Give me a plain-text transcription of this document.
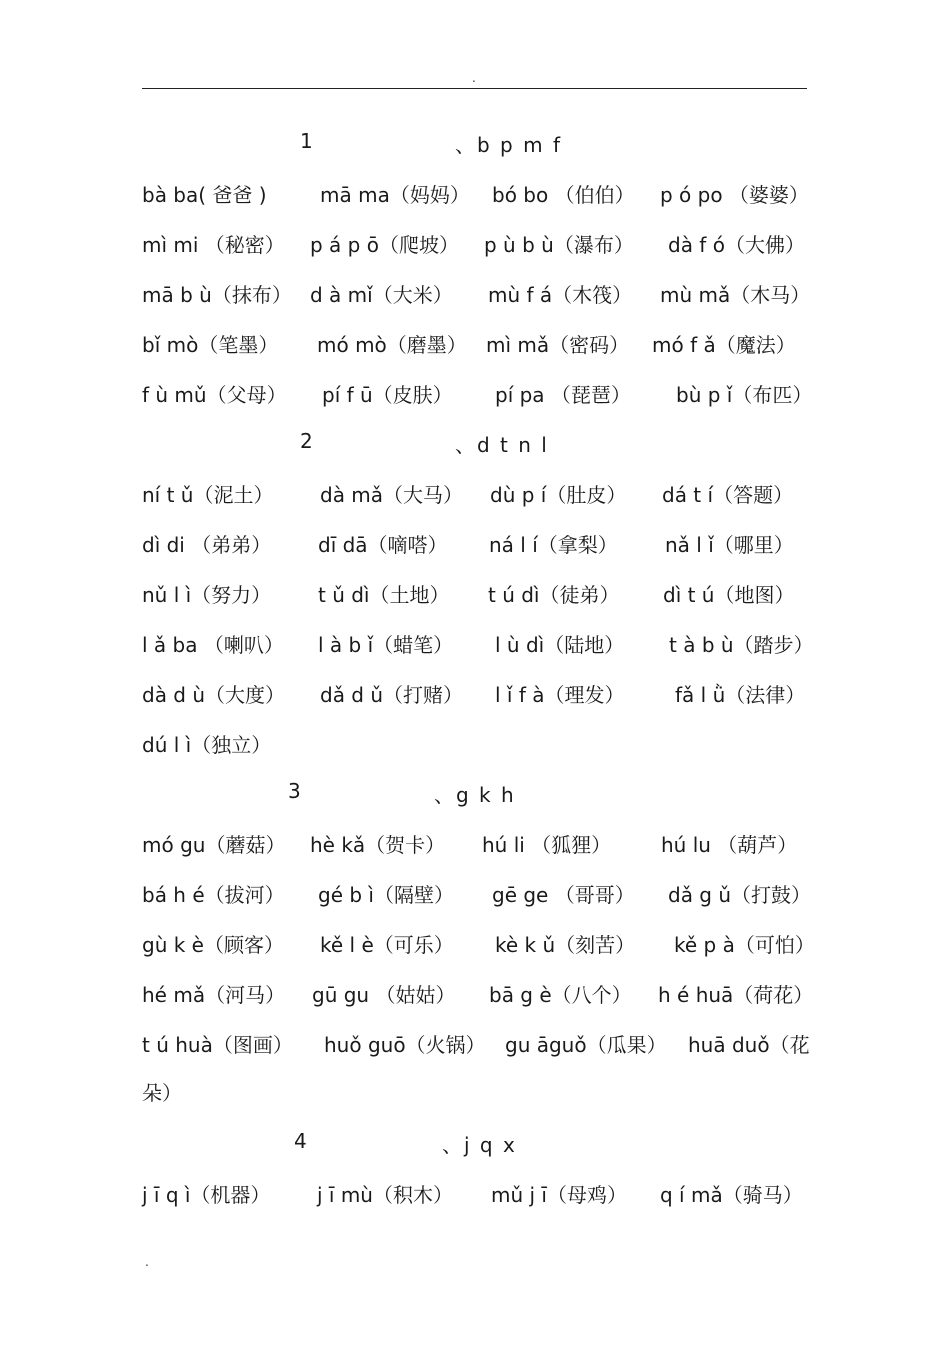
.
1	、b p m f
bà ba( 爸爸 )	mā ma（妈妈） bó bo （伯伯） p ó po （婆婆）
mì mi （秘密） p á p ō（爬坡） p ù b ù（瀑布） dà f ó（大佛）
mā b ù（抹布） d à mǐ（大米） mù f á（木筏） mù mǎ（木马）
bǐ mò（笔墨） mó mò（磨墨） mì mǎ（密码） mó f ǎ（魔法）
f ù mǔ（父母） pí f ū（皮肤） pí pa （琵琶） bù p ǐ（布匹）
2	、d t n l
ní t ǔ（泥土） dà mǎ（大马） dù p í（肚皮） dá t í（答题）
dì di （弟弟） dī dā（嘀嗒） ná l í（拿梨） nǎ l ǐ（哪里）
nǔ l ì（努力） t ǔ dì（土地） t ú dì（徒弟） dì t ú（地图）
l ǎ ba （喇叭） l à b ǐ（蜡笔） l ù dì（陆地） t à b ù（踏步）
dà d ù（大度） dǎ d ǔ（打赌） l ǐ f à（理发）	fǎ l ǜ（法律）
dú l ì（独立）
3	、g k h
mó gu（蘑菇） hè kǎ（贺卡） hú li （狐狸） hú lu （葫芦）
bá h é（拔河） gé b ì（隔壁） gē ge （哥哥） dǎ g ǔ（打鼓）
gù k è（顾客） kě l è（可乐） kè k ǔ（刻苦） kě p à（可怕）
hé mǎ（河马） gū gu （姑姑） bā g è（八个） h é huā（荷花）
t ú huà（图画） huǒ guō（火锅） gu āguǒ（瓜果） huā duǒ（花
朵）
4	、j q x
j ī q ì（机器） j ī mù（积木） mǔ j ī（母鸡） q í mǎ（骑马）
.
